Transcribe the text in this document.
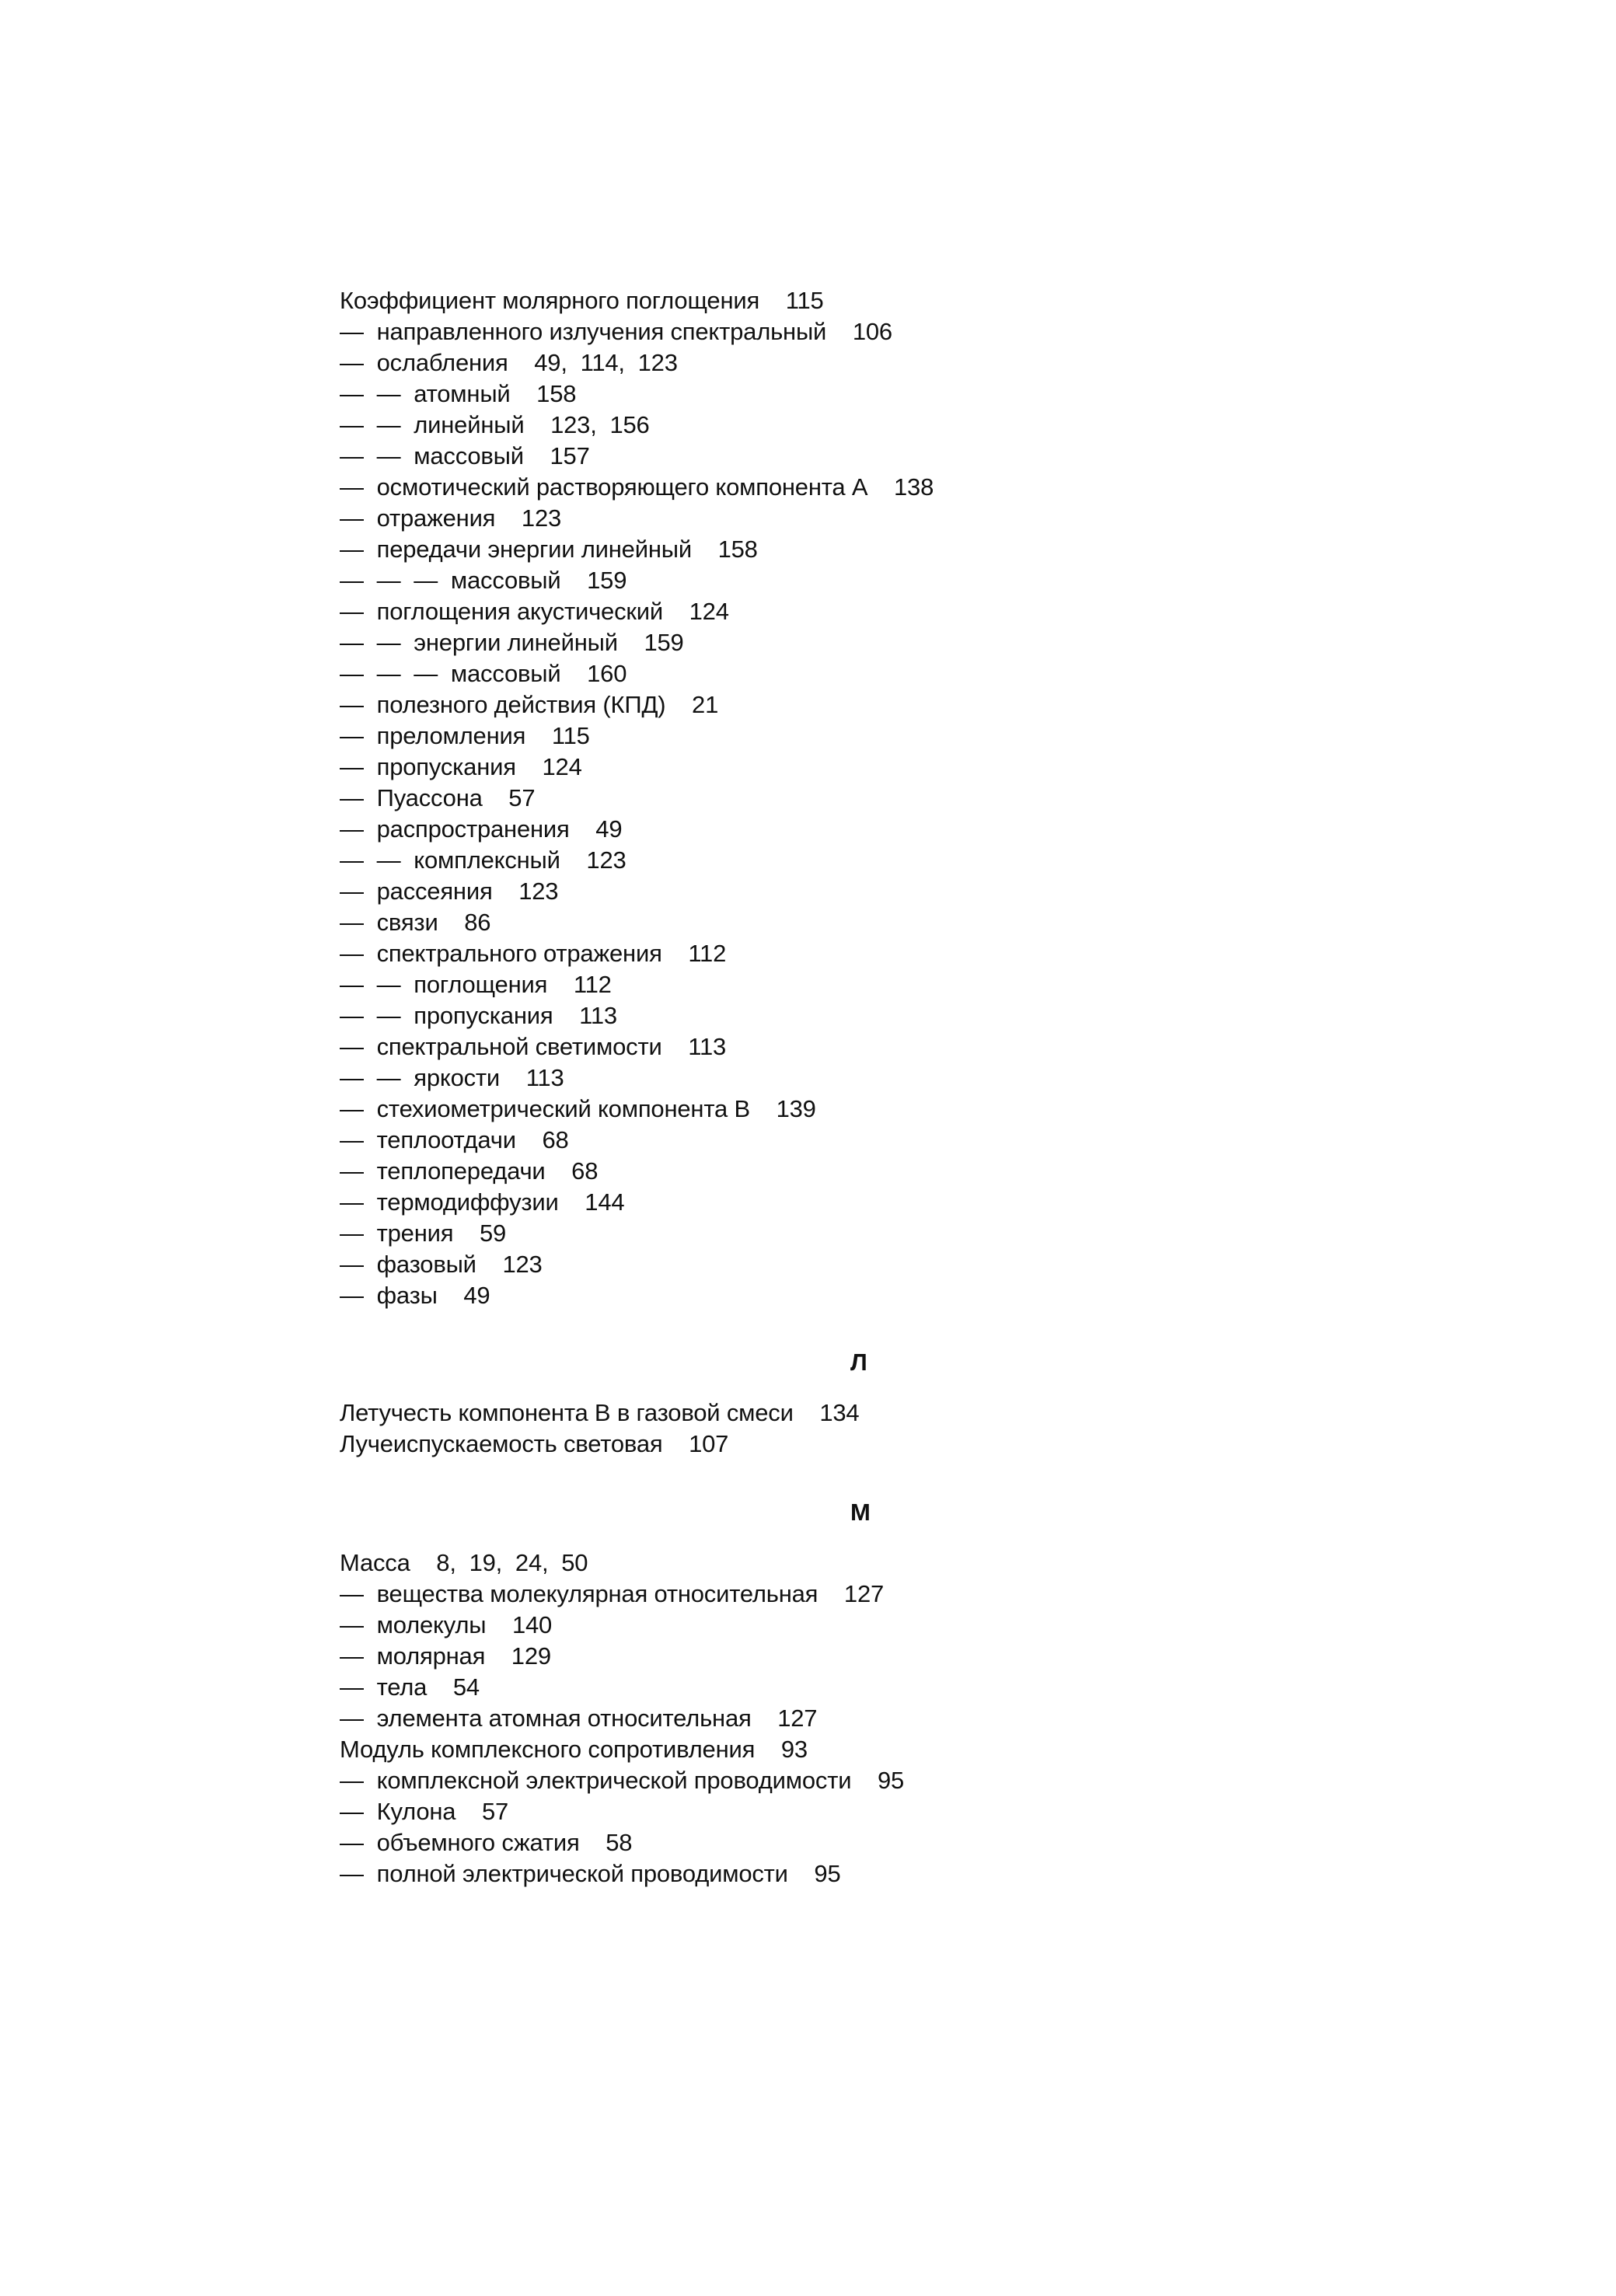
Коэффициент молярного поглощения    115
—  направленного излучения спектральный    106
—  ослабления    49,  114,  123
—  —  атомный    158
—  —  линейный    123,  156
—  —  массовый    157
—  осмотический растворяющего компонента А    138
—  отражения    123
—  передачи энергии линейный    158
—  —  —  массовый    159
—  поглощения акустический    124
—  —  энергии линейный    159
—  —  —  массовый    160
—  полезного действия (КПД)    21
—  преломления    115
—  пропускания    124
—  Пуассона    57
—  распространения    49
—  —  комплексный    123
—  рассеяния    123
—  связи    86
—  спектрального отражения    112
—  —  поглощения    112
—  —  пропускания    113
—  спектральной светимости    113
—  —  яркости    113
—  стехиометрический компонента В    139
—  теплоотдачи    68
—  теплопередачи    68
—  термодиффузии    144
—  трения    59
—  фазовый    123
—  фазы    49
Л
Летучесть компонента В в газовой смеси    134
Лучеиспускаемость световая    107
М
Масса    8,  19,  24,  50
—  вещества молекулярная относительная    127
—  молекулы    140
—  молярная    129
—  тела    54
—  элемента атомная относительная    127
Модуль комплексного сопротивления    93
—  комплексной электрической проводимости    95
—  Кулона    57
—  объемного сжатия    58
—  полной электрической проводимости    95
